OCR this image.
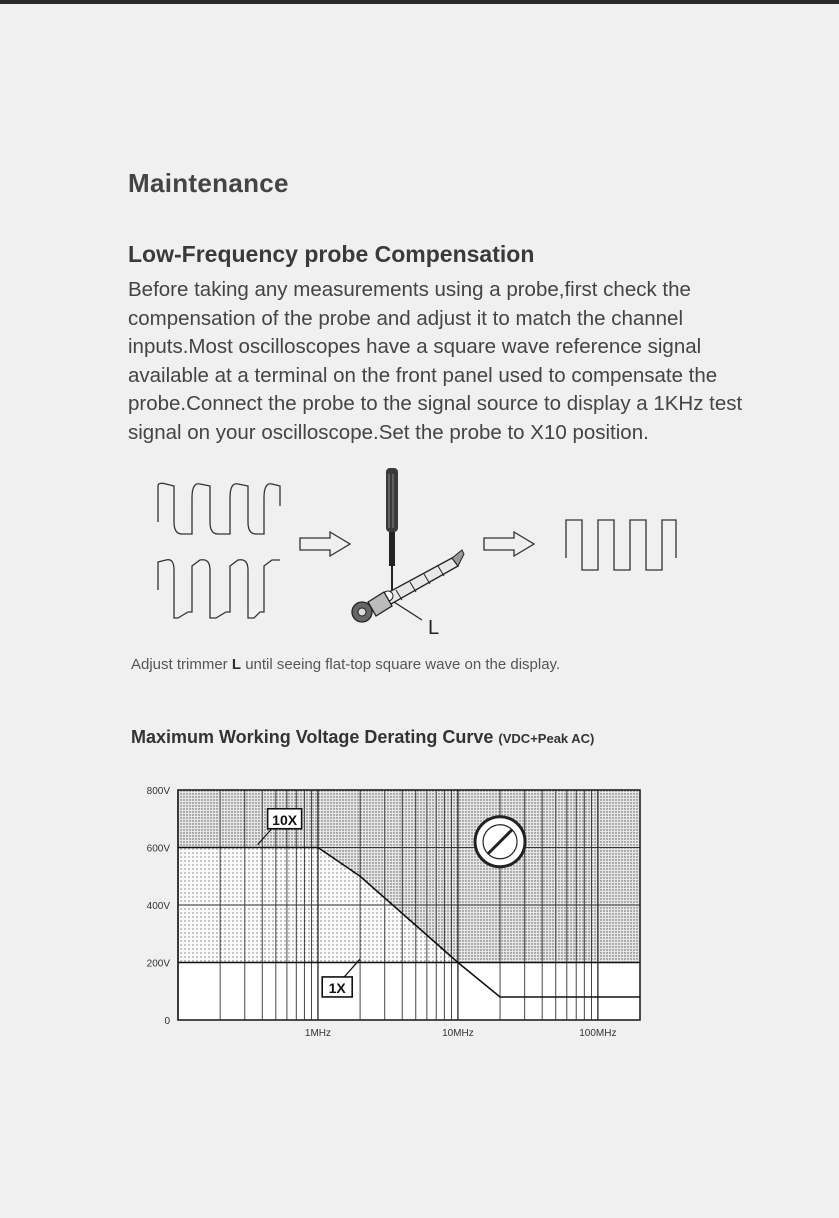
Maintenance
Low-Frequency probe Compensation

Before taking any measurements using a probe,first check the compensation of the probe and adjust it to match the channel inputs.Most oscilloscopes have a square wave reference signal available at a terminal on the front panel used to compensate the probe.Connect the probe to the signal source to display a 1KHz test signal on your oscilloscope.Set the probe to X10 position.

L

Adjust trimmer L until seeing flat-top square wave on the display.

Maximum Working Voltage Derating Curve (VDC+Peak AC)
800V
600V
400V
200V
0
1MHz	10MHz	100MHz
10X
1X
